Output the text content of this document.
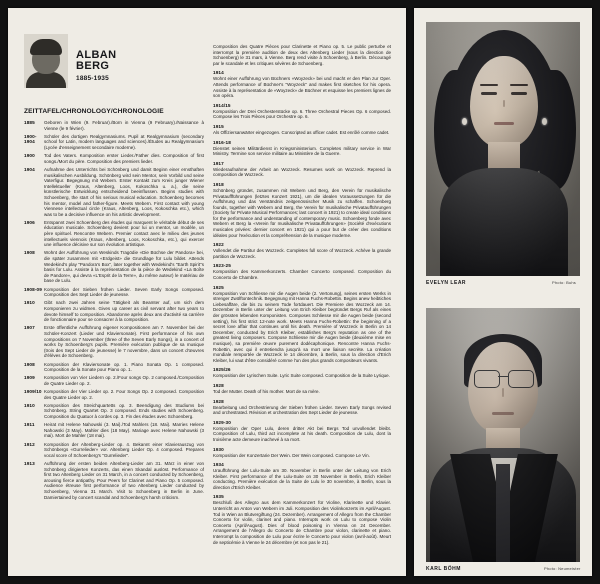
ALBAN
BERG
1885-1935
ZEITTAFEL/CHRONOLOGY/CHRONOLOGIE
1885	Geboren in Wien (9. Februar)./Born in Vienna (9 February)./Naissance à Vienne (le 9 février).
1900-1904
Schüler des dortigen Realgymnasiums. Pupil at Realgymnasium (secondary school for Latin, modern languages and sciences)./Études au Realgymnasium (Lycée d'enseignement secondaire moderne).
1900	Tod des Vaters. Komposition erster Lieder./Father dies. Composition of first songs./Mort du père. Composition des premiers lieder.
1904	Aufnahme des Unterrichts bei Schönberg und damit Beginn einer ernsthaften musikalischen Ausbildung. Schönberg wird sein Mentor, sein Vorbild und seine Vaterfigur. Begegnung mit Webern. Erster Kontakt zum Kreis junger Wiener Intellektueller (Kraus, Altenberg, Loos, Kokoschka u. a.), die seine künstlerische Entwicklung entscheidend beeinflussen. Begins studies with Schoenberg, the start of his serious musical education. Schoenberg becomes his mentor, model and father-figure. Meets Webern. First contact with young Viennese intellectual circle (Kraus, Altenberg, Loos, Kokoschka etc.), which was to be a decisive influence on his artistic development.
1906	Entspannt zwei Schoenberg des études qui marquent le véritable début de ses éducation musicale. Schoenberg devient pour lui un mentor, un modèle, un père spirituel. Rencontre Webern. Premier contact avec le milieu des jeunes intellectuels viennois (Kraus, Altenberg, Loos, Kokoschka, etc.), qui exercer une influence décisive sur son évolution artistique.
1908	Wohnt der Aufführung von Weskinds Tragödie «Die Büchse der Pandora» bei, die später zusammen mit «Erdgeist» die Grundlage für Lulu bildet. Attends Wedekind's play "Pandora's Box", later together with Wedekind's "Earth Spirit"s basis for Lulu. Assiste à la représentation de la pièce de Wedekind «La Boîte de Pandore», qui devra «L'Esprit de la Terre», du même auteur) le matériau de base de Lulu.
1908-09 Komposition der Sieben frühen Lieder. Seven Early Songs composed. Composition des Sept Lieder de jeunesse.
1910	Gibt nach zwei Jahren seine Tätigkeit als Beamter auf, um sich dem Komponieren zu widmen. Gives up career as civil servant after two years to devote himself to composition. Abandonne après deux ans d'activité sa carrière de fonctionnaire pour se consacrer à la composition.
1907	Erste öffentliche Aufführung eigener Kompositionen am 7. November bei der Schüler-Konzert (Lieder und Klaviersonate). First performance of his own compositions on 7 November (three of the Seven Early Songs), in a concert of works by Schoenberg's pupils. Première exécution publique de sa musique (trois des Sept Lieder de jeunesse) le 7 novembre, dans un concert d'œuvres d'élèves de Schoenberg.
1908	Komposition der Klaviersonate op. 1. Piano Sonata Op. 1 composed. Composition de la Sonate pour Piano op. 1.
1909	Komposition von Vier Liedern op. 2./Four songs Op. 2 composed./Composition de Quatre Lieder op. 2.
1909/10 Komposition der Vier Lieder op. 2. Four Songs Op. 2 composed. Composition des Quatre Lieder op. 2.
1910	Komposition des Streichquartetts op. 3. Beendigung des Studiums bei Schönberg. String Quartet Op. 3 composed. Ends studies with Schoenberg. Composition du Quatuor à cordes op. 3. Fin des études avec Schoenberg.
1911	Heirat mit Helene Nahowski (3. Mai)./Tod Mahlers (18. Mai). Marries Helene Nahowski (3 May). Mahler dies (18 May). Mariage avec Helene Nahowski (3 mai). Mort de Mahler (18 mai).
1912	Komposition der Altenberg-Lieder op. 4. Bekannt einer Klavierauszug von Schönbergs «Gurrelieder» vor. Altenberg Lieder Op. 4 composed. Prepares vocal score of Schoenberg's "Gurrelieder".
1913	Aufführung der ersten beiden Altenberg-Lieder am 31. März in einer von Schönberg dirigierten Konzerts, das einen Skandal auslöst. Performance of first two Altenberg Lieder on 31 March, in a concert conducted by Schoenberg, arousing fierce antipathy. Pour Peers for Clarinet and Piano Op. 5 composed. Audience étreuse first performance of two Altenberg Lieder conducted by Schoenberg, Vienna 31 March. Visit to Schoenberg in Berlin in June. Damiertained by concert scandal and Schoenberg's harsh criticism.
Composition des Quatre Pièces pour Clarinette et Piano op. 5. Le public perturbe et interrompt la première audition de deux des Altenberg Lieder (sous la direction de Schoenberg) le 31 mars, à Vienne. Berg rend visite à Schoenberg, à Berlin. Découragé par le scandale et les critiques sévères de Schoenberg.
1914
Wohnt einer Aufführung von Büchners «Woyzeck» bei und macht er den Plan zur Oper. Attends performance of Büchner's "Woyzeck" and makes first sketches for his opera. Assiste à la représentation de «Woyzeck» de Büchner et esquisse les premiers lignes de son opéra.
1914/15
Komposition der Drei Orchesterstücke op. 6. Three Orchestral Pieces Op. 6 composed. Compose les Trois Pièces pour Orchestre op. 6.
1915
Als Offiziersanwärter eingezogen. Conscripted as officer cadet. Est enrôlé comme cadet.
1916-18
Dienstet seinen Militärdienst in Kriegsministerium. Completes military service in War Ministry. Termine son service militaire au Ministère de la Guerre.
1917
Wiederaufnahme der Arbeit an Wozzeck. Resumes work on Wozzeck. Reprend la composition de Wozzeck.
1918
Schönberg gründet, zusammen mit Webern und Berg, den Verein für musikalische Privatauffführungen (letztes Konzert 1921), um die idealen Voraussetzungen für die Aufführung und das Verständnis zeitgenössischer Musik zu schaffen. Schoenberg founds, together with Webern and Berg, the Verein für musikalische Privataufführungen (Society for Private Musical Performances; last concert in 1921) to create ideal conditions for the performance and understanding of contemporary music. Schoenberg fonde avec Webern et Berg la «Verein für musikalische Privataufführungen» (Société d'exécutions musicales privées: dernier concert en 1921) qui a pour but de créer des conditions idéales pour l'exécution et la compréhension de la musique moderne.
1922
Vollendet die Partitur des Wozzeck. Completes full score of Wozzeck. Achève la grande partition de Wozzeck.
1923-25
Komposition des Kammerkonzerts. Chamber Concerto composed. Composition du Concerto de Chambre.
1925
Komposition von Schliesse mir die Augen beide (2. Vertonung), seines ersten Werks in strenger Zwölftontechnik. Begegnung mit Hanna Fuchs-Robettin. Begins anew heibtiches Liebesaffäre, die bis zu seinem Tode fortdauert. Die Premiere des Wozzeck am 14. Dezember in Berlin unter der Leitung von Erich Kleiber begründet Bergs Ruf als eines der grössten lebenden Komponisten. Composes Schliesse mir die Augen beide (second setting), his first strict 12-note work. Meets Hanna Fuchs-Robettin: the beginning of a secret love affair that continues until his death. Première of Wozzeck in Berlin on 14 December, conducted by Erich Kleiber, establishes Berg's reputation as one of the greatest living composers. Compose Schliesse mir die Augen beide (deuxième mise en musique), sa première œuvre purement dodécaphonique. Rencontre Hanna Fuchs-Robettin, avec qui il entretiendra jusqu'à sa mort une liaison secrète. La création mondiale remportée de Wozzeck le 14 décembre, à Berlin, sous la direction d'Erich Kleiber, lui vaut d'être considéré comme l'un des plus grands compositeurs vivants.
1925/26
Komposition der Lyrischen Suite. Lyric Suite composed. Composition de la Suite Lyrique.
1928
Tod der Mutter. Death of his mother. Mort de sa mère.
1928
Bearbeitung und Orchestrierung der Sieben frühen Lieder. Seven Early Songs revised and orchestrated. Révision et orchestration des Sept Lieder de jeunesse.
1929-30
Komposition der Oper Lulu, deren dritter Akt bei Bergs Tod unvollendet bleibt. Composition of Lulu, third act incomplete at his death. Composition de Lulu, dont la troisième acte demeure inachevé à sa mort.
1930
Komposition der Konzertarie Der Wein. Der Wein composed. Compose Le Vin.
1934
Uraufführung der Lulu-Suite am 30. November in Berlin unter der Leitung von Erich Kleiber. First performance of the Lulu-Suite on 30 November in Berlin, Erich Kleiber conducting. Première exécution de la Suite de Lulu le 30 novembre, à Berlin, sous la direction d'Erich Kleiber.
1935
Beschluß des Allegro aus dem Kammerkonzert für Violine, Klarinette und Klavier. Unterricht an Anton von Webern im Juli. Komposition des Violinkonzerts im April/August. Tod in Wien an Blutvergiftung (24. Dezember). Arrangement of Allegro from the Chamber Concerto for violin, clarinet and piano. Interrupts work on Lulu to compose Violin Concerto (April/August). Dies of blood poisoning in Vienna on 24 December. Arrangement de l'Allegro du Concerto de Chambre pour violon, clarinette et piano. Interrompt la composition de Lulu pour écrire le Concerto pour violon (avril-août). Meurt de septicémie à Vienne le 24 décembre (et non pas le 21).
EVELYN LEAR	Photo: Buhs
KARL BÖHM	Photo: Neumeister
